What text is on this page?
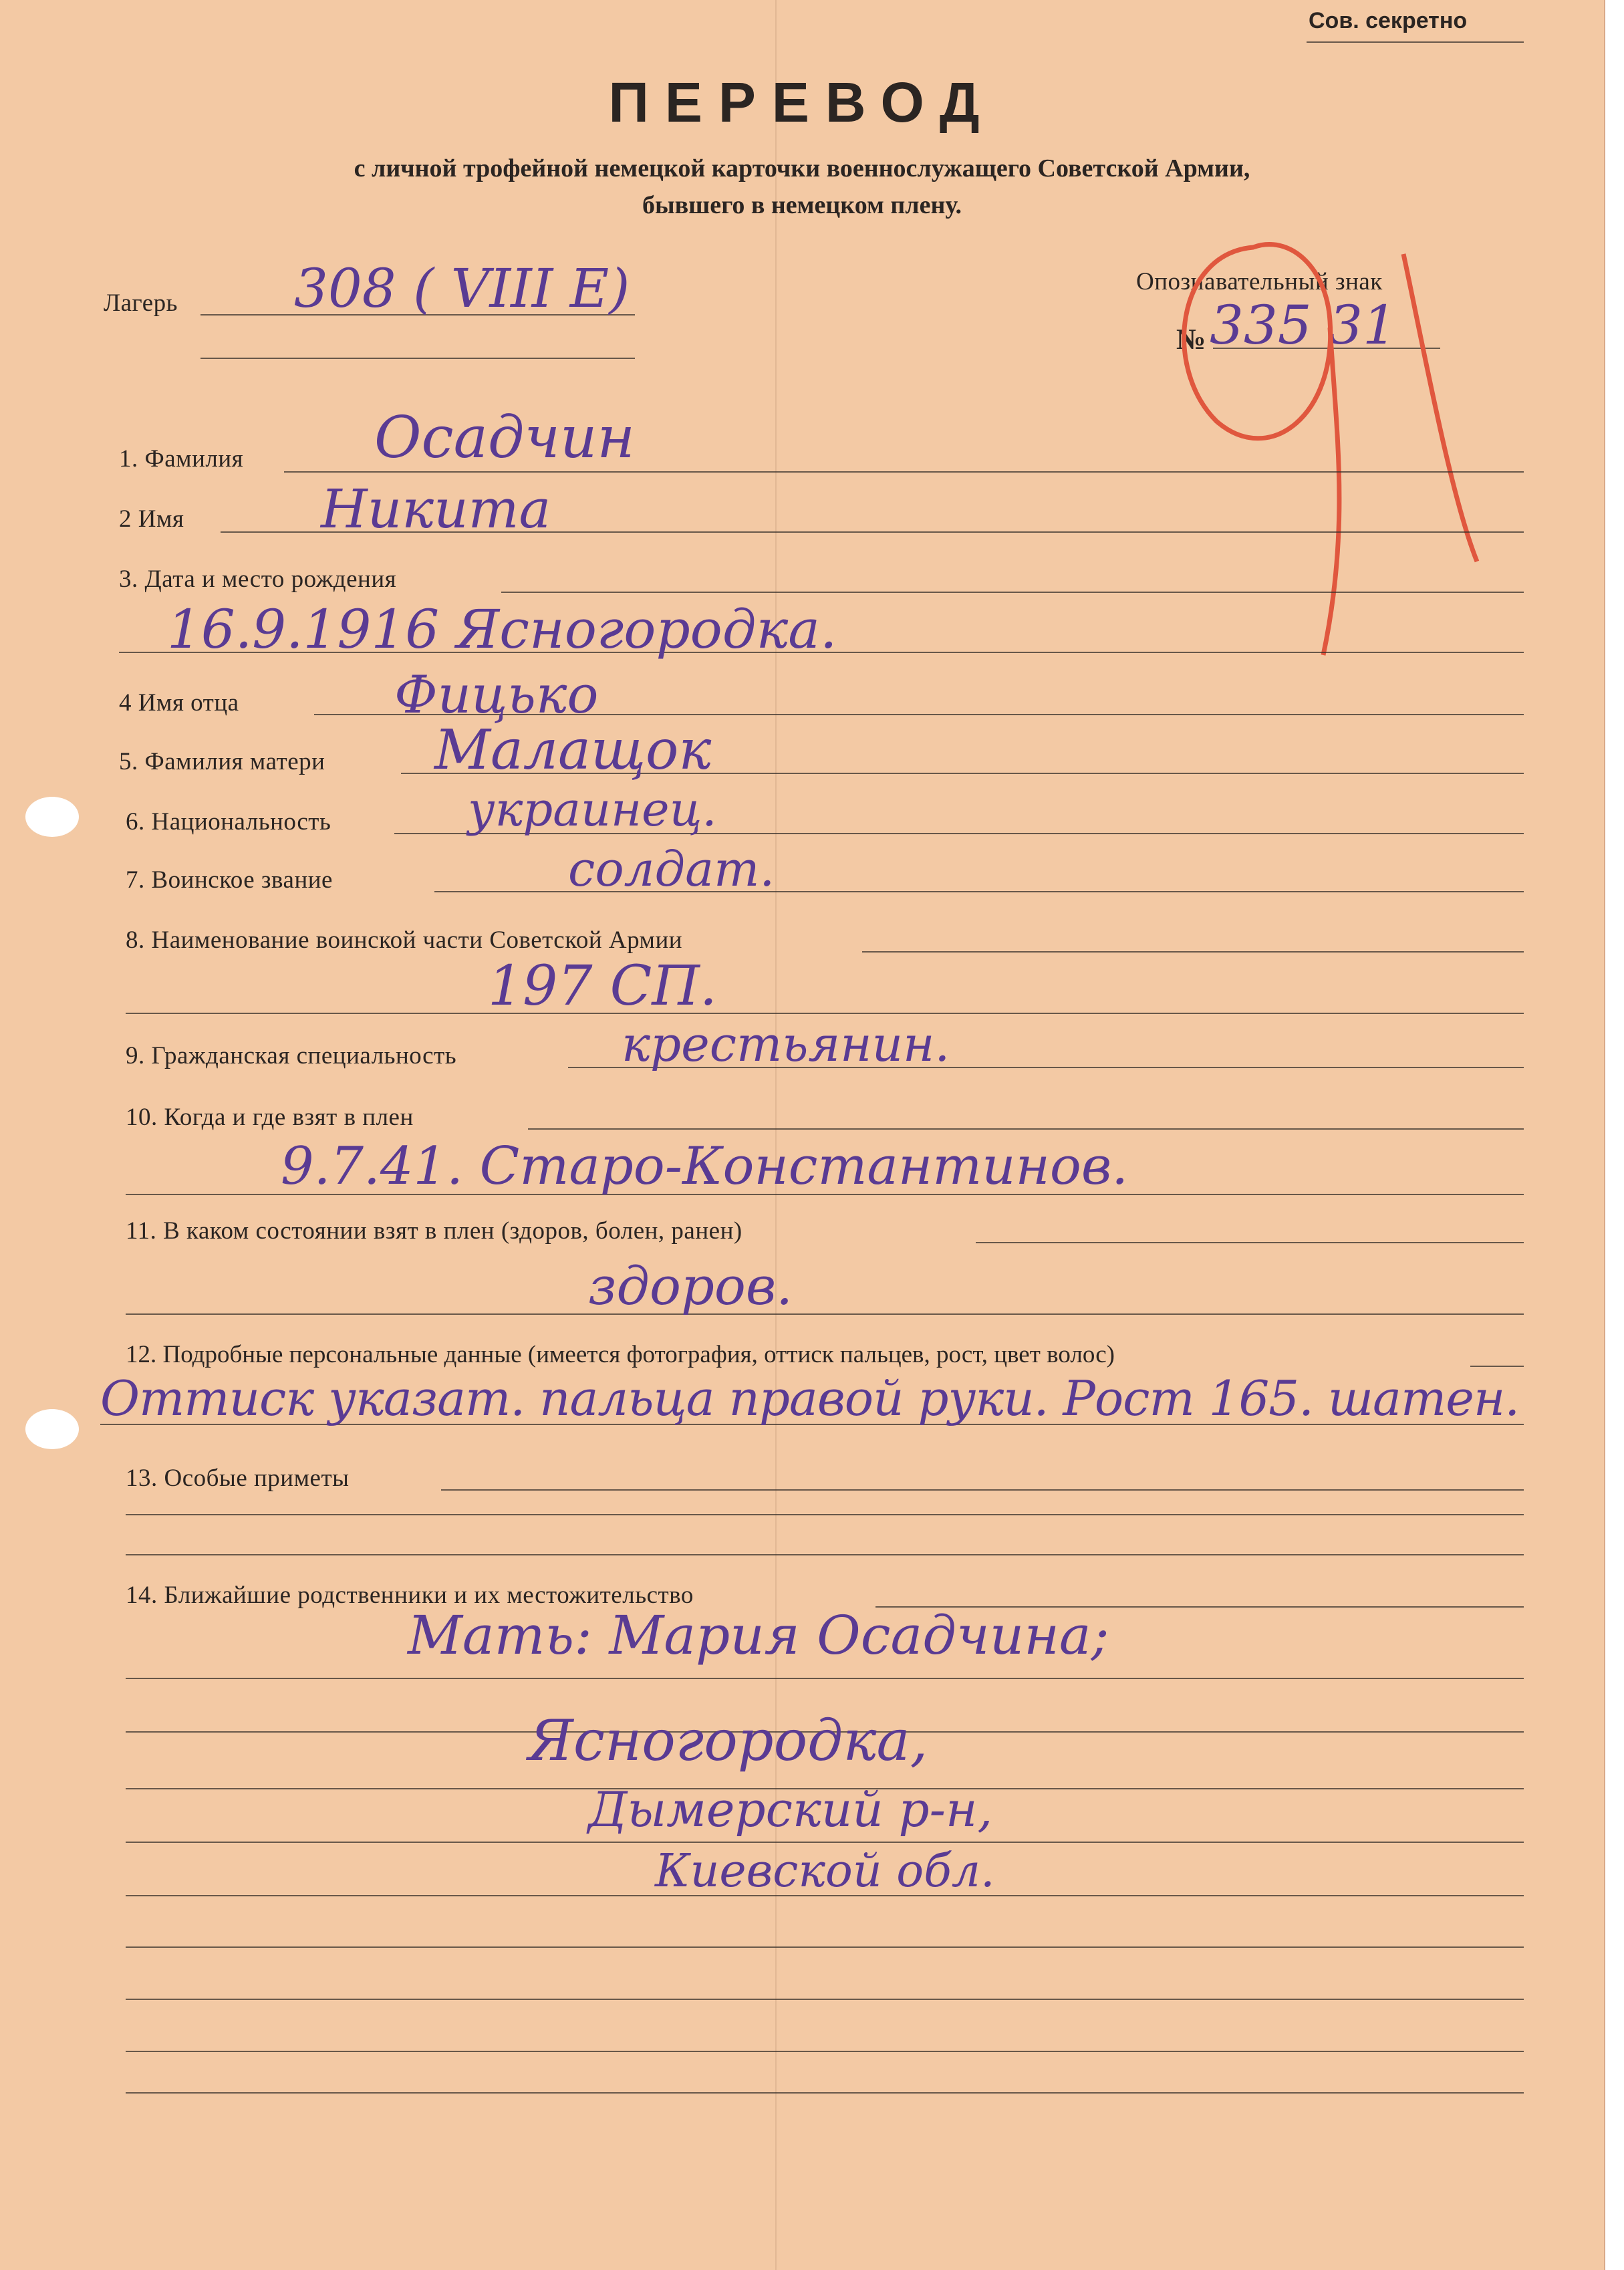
Сов. секретно
ПЕРЕВОД
с личной трофейной немецкой карточки военнослужащего Советской Армии,
бывшего в немецком плену.
Лагерь 308 ( VIII Е)	Опознавательный знак
№ 335 31
1. Фамилия Осадчин
2 Имя	Никита
3. Дата и место рождения
16.9.1916 Ясногородка.
4 Имя отца	Фицько
5. Фамилия матери Малащок
6. Национальность	украинец.
7. Воинское звание	солдат.
8. Наименование воинской части Советской Армии
197 СП.
9. Гражданская специальность	крестьянин.
10. Когда и где взят в плен
9.7.41. Старо-Константинов.
11. В каком состоянии взят в плен (здоров, болен, ранен)
здоров.
12. Подробные персональные данные (имеется фотография, оттиск пальцев, рост, цвет волос)
Оттиск указат. пальца правой руки. Рост 165. шатен.
13. Особые приметы
14. Ближайшие родственники и их местожительство
Мать: Мария Осадчина;
Ясногородка,
Дымерский р-н,
Киевской обл.
